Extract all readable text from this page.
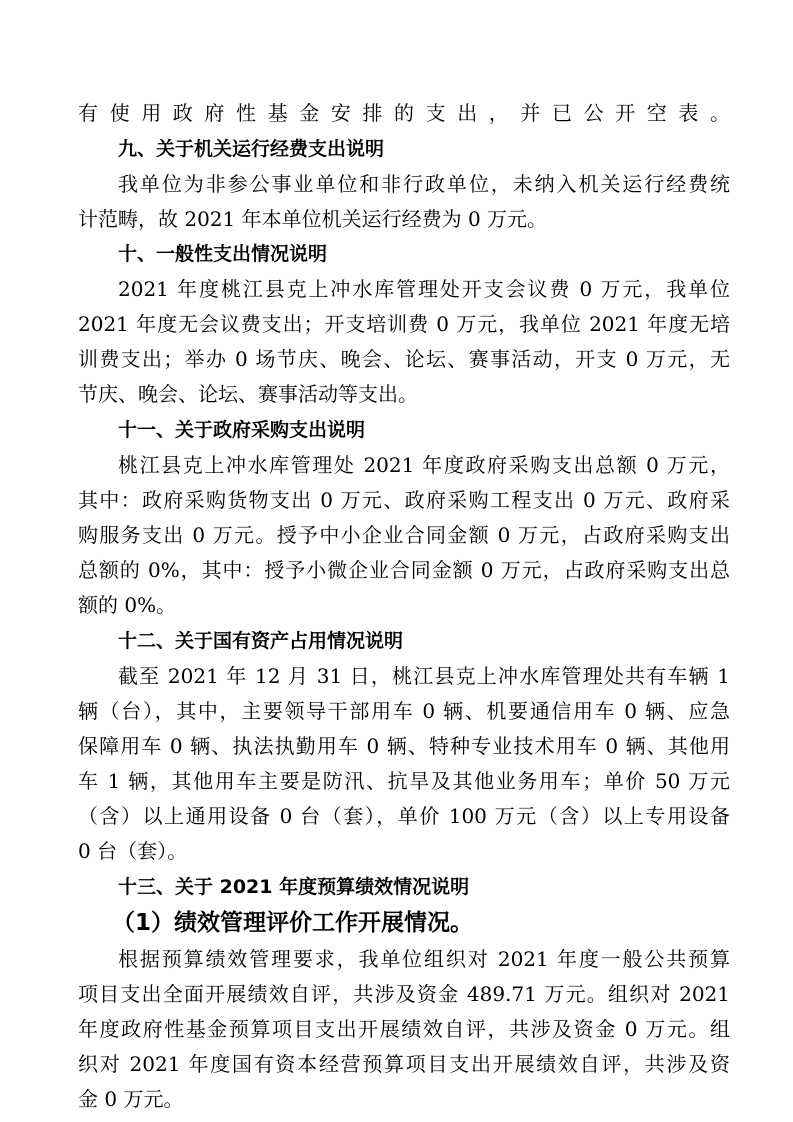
有使用政府性基金安排的支出，并已公开空表。
九、关于机关运行经费支出说明
我单位为非参公事业单位和非行政单位，未纳入机关运行经费统
计范畴，故 2021 年本单位机关运行经费为 0 万元。
十、一般性支出情况说明
2021 年度桃江县克上冲水库管理处开支会议费 0 万元，我单位
2021 年度无会议费支出；开支培训费 0 万元，我单位 2021 年度无培
训费支出；举办 0 场节庆、晚会、论坛、赛事活动，开支 0 万元，无
节庆、晚会、论坛、赛事活动等支出。
十一、关于政府采购支出说明
桃江县克上冲水库管理处 2021 年度政府采购支出总额 0 万元，
其中：政府采购货物支出 0 万元、政府采购工程支出 0 万元、政府采
购服务支出 0 万元。授予中小企业合同金额 0 万元，占政府采购支出
总额的 0%，其中：授予小微企业合同金额 0 万元，占政府采购支出总
额的 0%。
十二、关于国有资产占用情况说明
截至 2021 年 12 月 31 日，桃江县克上冲水库管理处共有车辆 1
辆（台），其中，主要领导干部用车 0 辆、机要通信用车 0 辆、应急
保障用车 0 辆、执法执勤用车 0 辆、特种专业技术用车 0 辆、其他用
车 1 辆，其他用车主要是防汛、抗旱及其他业务用车；单价 50 万元
（含）以上通用设备 0 台（套），单价 100 万元（含）以上专用设备
0 台（套）。
十三、关于 2021 年度预算绩效情况说明
（1）绩效管理评价工作开展情况。
根据预算绩效管理要求，我单位组织对 2021 年度一般公共预算
项目支出全面开展绩效自评，共涉及资金 489.71 万元。组织对 2021
年度政府性基金预算项目支出开展绩效自评，共涉及资金 0 万元。组
织对 2021 年度国有资本经营预算项目支出开展绩效自评，共涉及资
金 0 万元。
